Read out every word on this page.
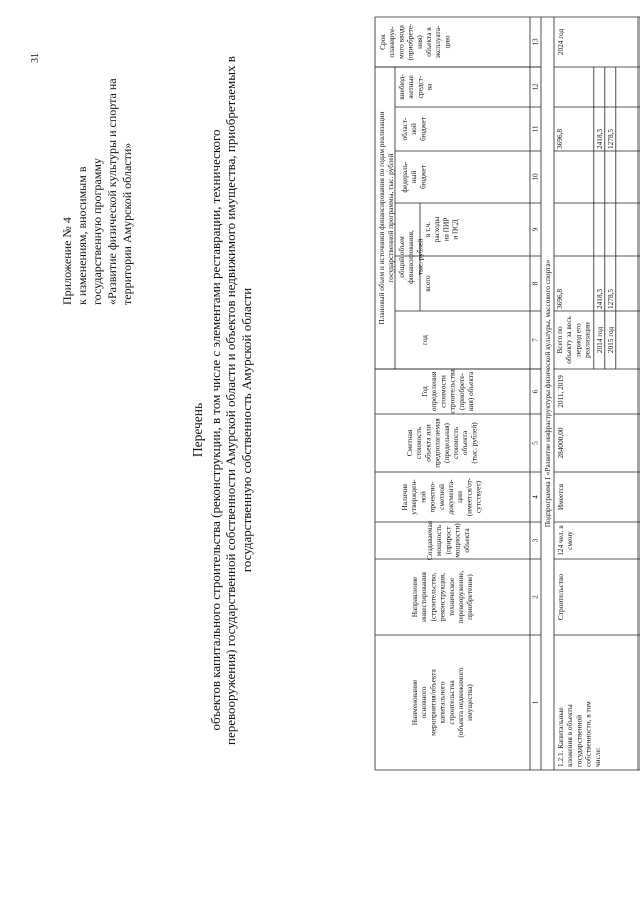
31
Приложение № 4 к изменениям, вносимым в государственную программу «Развитие физической культуры и спорта на территории Амурской области»
Перечень объектов капитального строительства (реконструкции, в том числе с элементами реставрации, технического перевооружения) государственной собственности Амурской области и объектов недвижимого имущества, приобретаемых в государственную собственность Амурской области
Наименованиеосновногомероприятия/объектакапитальногостроительства(объекта недвижимогоимущества)
Направлениеинвестирования(строительство,реконструкция,техническоеперевооружение,приобретение)
Создаваемаямощность(приростмощности)объекта
Наличиеутвержден-нойпроектно-сметнойдокумента-ции(имеется/от-сутствует)
Сметнаястоимостьобъекта илипредполагаемая(предельная)стоимостьобъекта(тыс. рублей)
Годопределениястоимостистроительства(приобрете-ния) объекта
Плановый объем и источники финансирования по годам реализациигосударственной программы, тыс. рублей
год
общий объемфинансирования,тыс. рублей
всего
в т.ч.расходына ПИРи ПСД
федераль-ныйбюджет
област-нойбюджет
внебюд-жетныесредст-ва
Срокпланируе-мого ввода(приобрете-ния)объекта вэксплуата-цию
1
2
3
4
5
6
7
8
9
10
11
12
13
Подпрограмма I «Развитие инфраструктуры физической культуры, массового спорта»
1.2.1. Капитальныевложения в объектыгосударственнойсобственности, в томчисле:
Строительство
124 чел. всмену
Имеется
284000,00
2011, 2019
2024 год
Всего пообъекту за весьпериод егореализации
3696,8
3696,8
2014 год
2418,3
2418,3
2015 год
1278,5
1278,5
